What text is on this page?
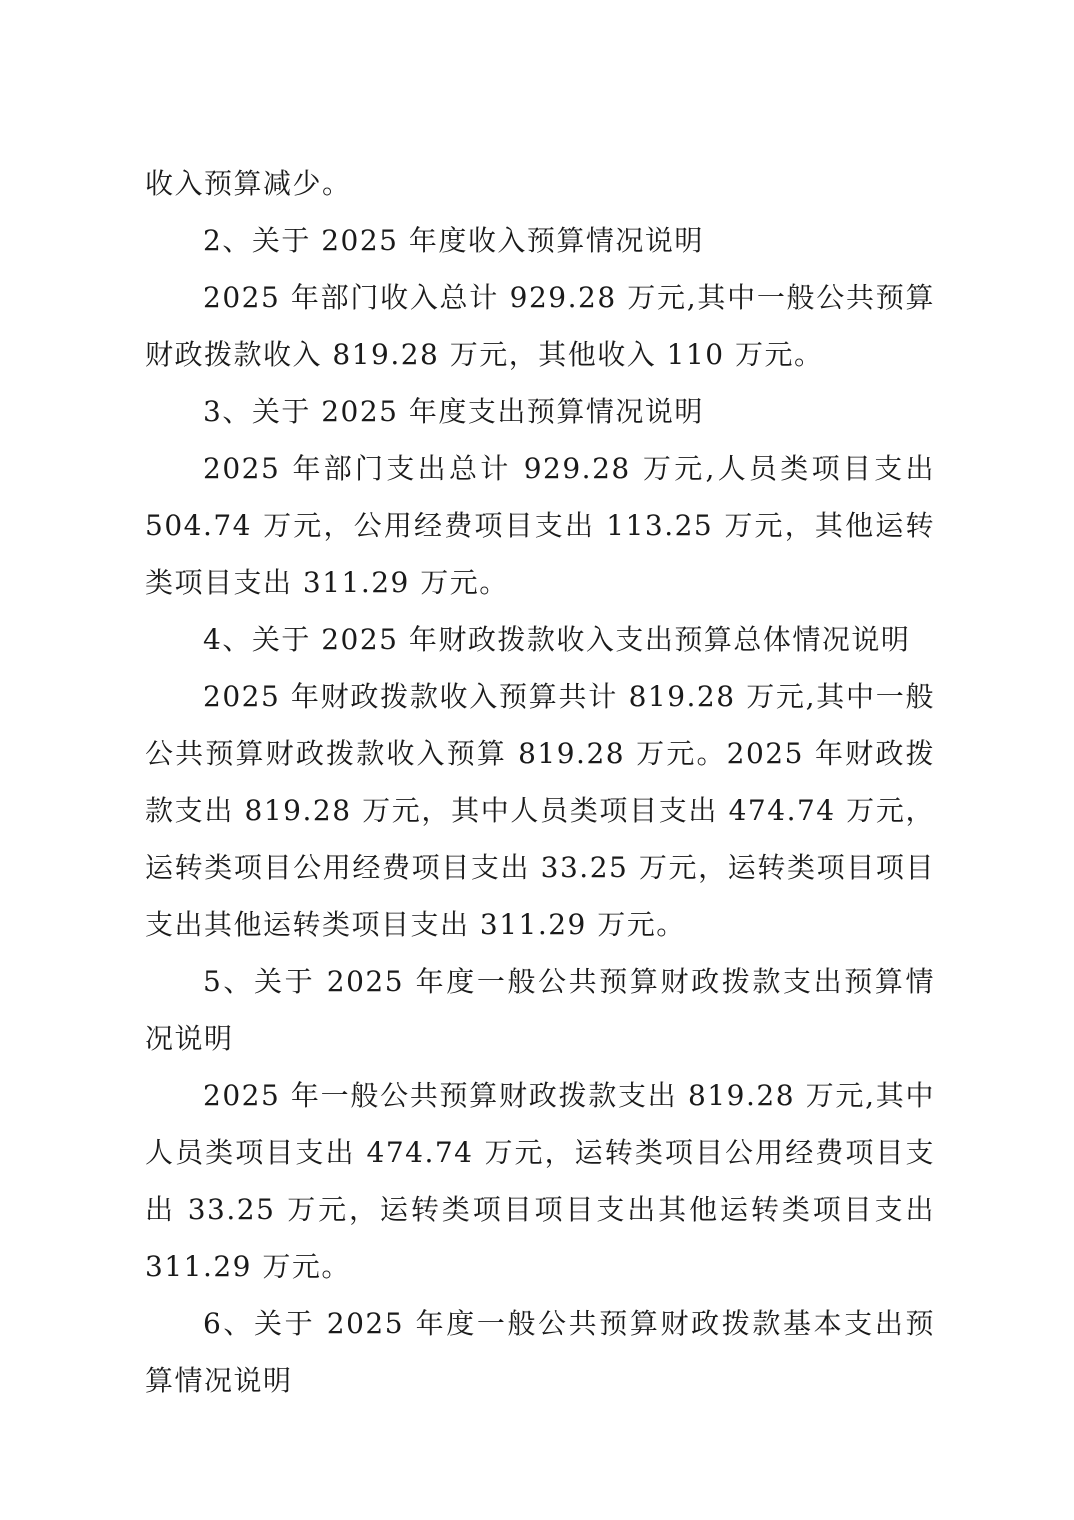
收入预算减少。

2、关于 2025 年度收入预算情况说明

2025 年部门收入总计 929.28 万元,其中一般公共预算财政拨款收入 819.28 万元，其他收入 110 万元。

3、关于 2025 年度支出预算情况说明

2025 年部门支出总计 929.28 万元,人员类项目支出 504.74 万元，公用经费项目支出 113.25 万元，其他运转类项目支出 311.29 万元。

4、关于 2025 年财政拨款收入支出预算总体情况说明

2025 年财政拨款收入预算共计 819.28 万元,其中一般公共预算财政拨款收入预算 819.28 万元。2025 年财政拨款支出 819.28 万元，其中人员类项目支出 474.74 万元，运转类项目公用经费项目支出 33.25 万元，运转类项目项目支出其他运转类项目支出 311.29 万元。

5、关于 2025 年度一般公共预算财政拨款支出预算情况说明

2025 年一般公共预算财政拨款支出 819.28 万元,其中人员类项目支出 474.74 万元，运转类项目公用经费项目支出 33.25 万元，运转类项目项目支出其他运转类项目支出 311.29 万元。

6、关于 2025 年度一般公共预算财政拨款基本支出预算情况说明
